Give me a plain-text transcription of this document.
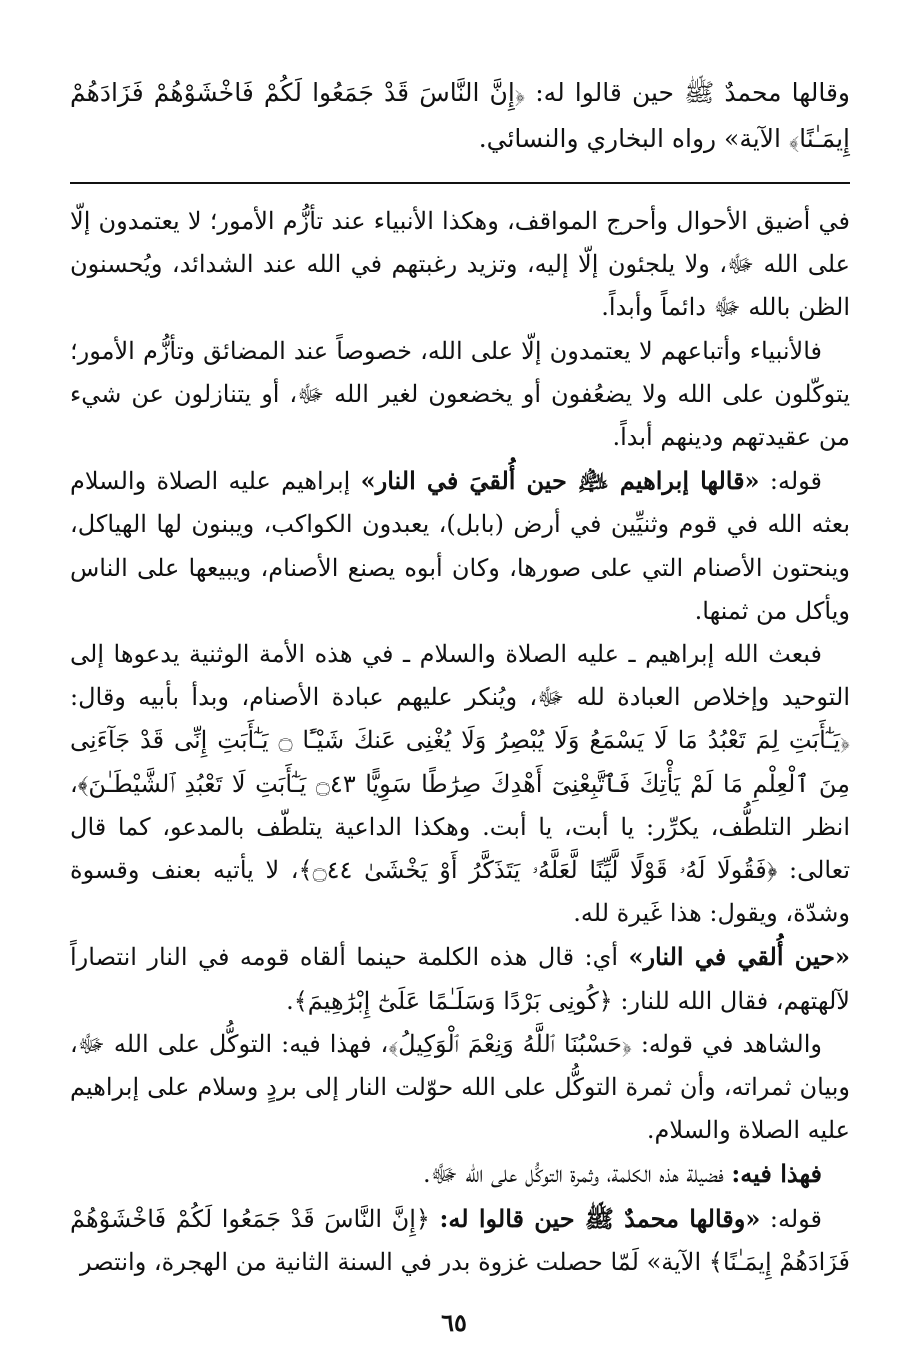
وقالها محمدٌ ﷺ حين قالوا له: ﴿إِنَّ النَّاسَ قَدْ جَمَعُوا لَكُمْ فَاخْشَوْهُمْ فَزَادَهُمْ إِيمَـٰنًا﴾ الآية» رواه البخاري والنسائي.

في أضيق الأحوال وأحرج المواقف، وهكذا الأنبياء عند تأزُّم الأمور؛ لا يعتمدون إلّا على الله ﷻ، ولا يلجئون إلّا إليه، وتزيد رغبتهم في الله عند الشدائد، ويُحسنون الظن بالله ﷻ دائماً وأبداً.

فالأنبياء وأتباعهم لا يعتمدون إلّا على الله، خصوصاً عند المضائق وتأزُّم الأمور؛ يتوكّلون على الله ولا يضعُفون أو يخضعون لغير الله ﷻ، أو يتنازلون عن شيء من عقيدتهم ودينهم أبداً.

قوله: «قالها إبراهيم ﵇ حين أُلقيَ في النار» إبراهيم عليه الصلاة والسلام بعثه الله في قوم وثنيِّين في أرض (بابل)، يعبدون الكواكب، ويبنون لها الهياكل، وينحتون الأصنام التي على صورها، وكان أبوه يصنع الأصنام، ويبيعها على الناس ويأكل من ثمنها.

فبعث الله إبراهيم ـ عليه الصلاة والسلام ـ في هذه الأمة الوثنية يدعوها إلى التوحيد وإخلاص العبادة لله ﷻ، ويُنكر عليهم عبادة الأصنام، وبدأ بأبيه وقال: ﴿يَـٰٓأَبَتِ لِمَ تَعْبُدُ مَا لَا يَسْمَعُ وَلَا يُبْصِرُ وَلَا يُغْنِى عَنكَ شَيْـًٔا ۝ يَـٰٓأَبَتِ إِنِّى قَدْ جَآءَنِى مِنَ ٱلْعِلْمِ مَا لَمْ يَأْتِكَ فَٱتَّبِعْنِىٓ أَهْدِكَ صِرَٰطًا سَوِيًّا ۝٤٣ يَـٰٓأَبَتِ لَا تَعْبُدِ ٱلشَّيْطَـٰنَ﴾، انظر التلطُّف، يكرِّر: يا أبت، يا أبت. وهكذا الداعية يتلطّف بالمدعو، كما قال تعالى: ﴿فَقُولَا لَهُۥ قَوْلًا لَّيِّنًا لَّعَلَّهُۥ يَتَذَكَّرُ أَوْ يَخْشَىٰ ۝٤٤﴾، لا يأتيه بعنف وقسوة وشدّة، ويقول: هذا غَيرة لله.

«حين أُلقي في النار» أي: قال هذه الكلمة حينما ألقاه قومه في النار انتصاراً لآلهتهم، فقال الله للنار: ﴿كُونِى بَرْدًا وَسَلَـٰمًا عَلَىٰٓ إِبْرَٰهِيمَ﴾.

والشاهد في قوله: ﴿حَسْبُنَا ٱللَّهُ وَنِعْمَ ٱلْوَكِيلُ﴾، فهذا فيه: التوكُّل على الله ﷻ، وبيان ثمراته، وأن ثمرة التوكُّل على الله حوّلت النار إلى بردٍ وسلام على إبراهيم عليه الصلاة والسلام.

فهذا فيه: فضيلة هذه الكلمة، وثمرة التوكُّل على الله ﷻ.

قوله: «وقالها محمدٌ ﷺ حين قالوا له: ﴿إِنَّ النَّاسَ قَدْ جَمَعُوا لَكُمْ فَاخْشَوْهُمْ فَزَادَهُمْ إِيمَـٰنًا﴾ الآية» لَمّا حصلت غزوة بدر في السنة الثانية من الهجرة، وانتصر

٦٥
